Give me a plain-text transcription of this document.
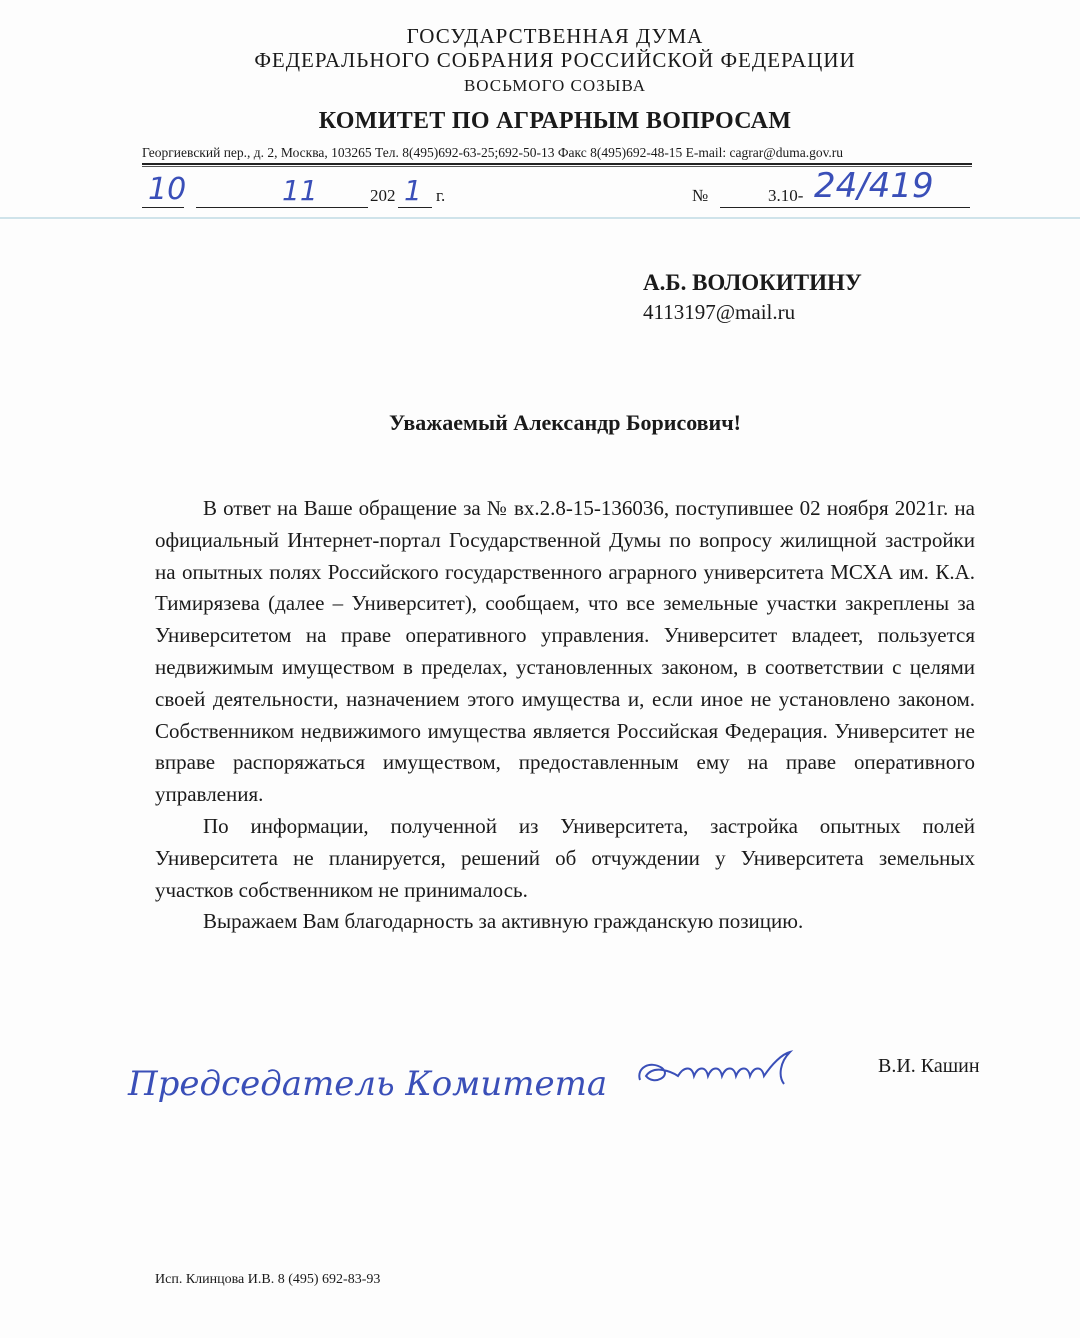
ГОСУДАРСТВЕННАЯ ДУМА
ФЕДЕРАЛЬНОГО СОБРАНИЯ РОССИЙСКОЙ ФЕДЕРАЦИИ
ВОСЬМОГО СОЗЫВА
КОМИТЕТ ПО АГРАРНЫМ ВОПРОСАМ
Георгиевский пер., д. 2, Москва, 103265 Тел. 8(495)692-63-25;692-50-13 Факс 8(495)692-48-15 E-mail: cagrar@duma.gov.ru
10	11	202 1 г.	№	3.10- 24/419
А.Б. ВОЛОКИТИНУ
4113197@mail.ru
Уважаемый Александр Борисович!

В ответ на Ваше обращение за № вх.2.8-15-136036, поступившее 02 ноября 2021г. на официальный Интернет-портал Государственной Думы по вопросу жилищной застройки на опытных полях Российского государственного аграрного университета МСХА им. К.А. Тимирязева (далее – Университет), сообщаем, что все земельные участки закреплены за Университетом на праве оперативного управления. Университет владеет, пользуется недвижимым имуществом в пределах, установленных законом, в соответствии с целями своей деятельности, назначением этого имущества и, если иное не установлено законом. Собственником недвижимого имущества является Российская Федерация. Университет не вправе распоряжаться имуществом, предоставленным ему на праве оперативного управления.

По информации, полученной из Университета, застройка опытных полей Университета не планируется, решений об отчуждении у Университета земельных участков собственником не принималось.

Выражаем Вам благодарность за активную гражданскую позицию.

Председатель Комитета	В.И. Кашин
Исп. Клинцова И.В. 8 (495) 692-83-93
